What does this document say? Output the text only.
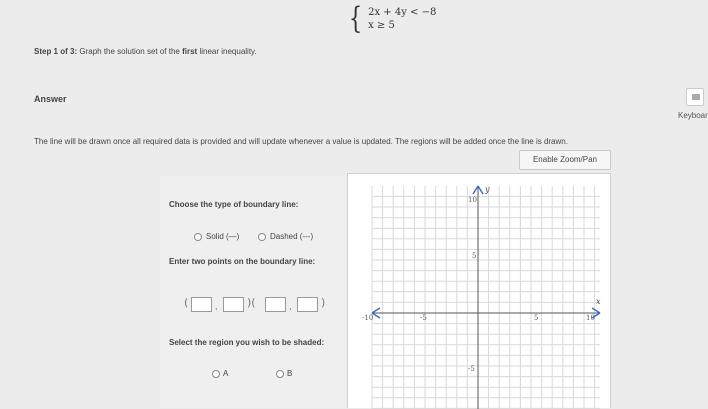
{ 2x + 4y < −8
x ≥ 5
Step 1 of 3: Graph the solution set of the first linear inequality.
Answer
Keyboar
The line will be drawn once all required data is provided and will update whenever a value is updated. The regions will be added once the line is drawn.
Choose the type of boundary line:
Solid (—)	Dashed (---)
Enter two points on the boundary line:
(	,	)(	,	)
Select the region you wish to be shaded:
A	B
Enable Zoom/Pan
x
y
-10	-5	5	10
10
5
-5
